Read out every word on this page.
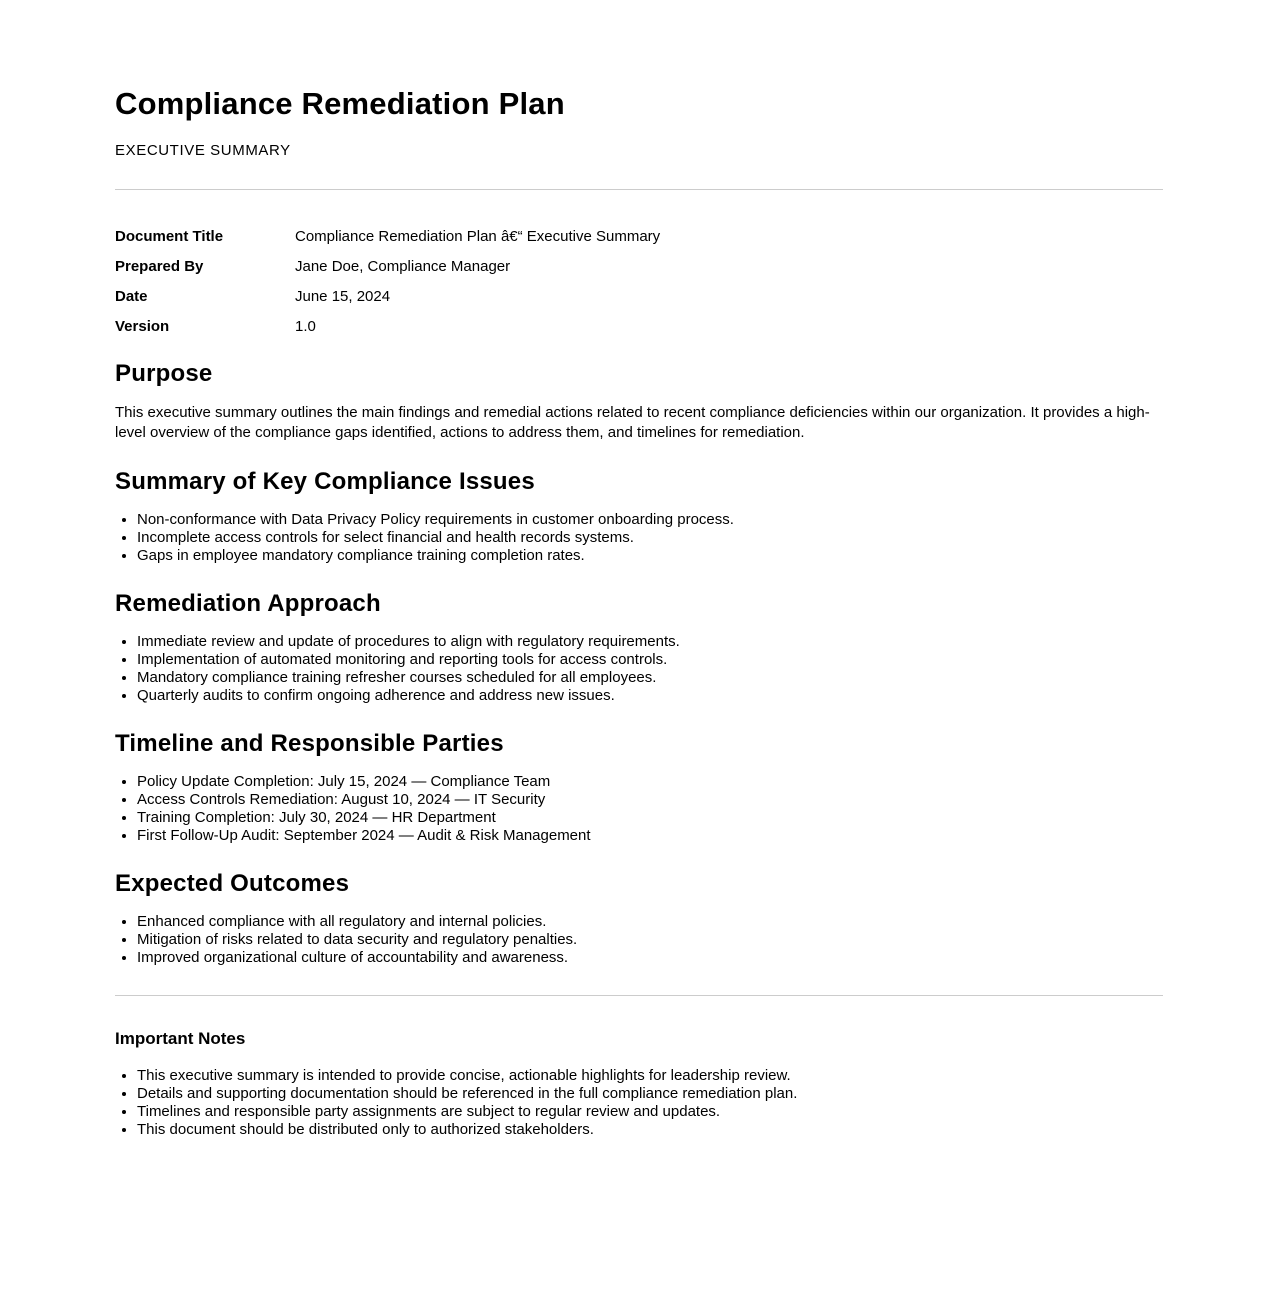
Compliance Remediation Plan
EXECUTIVE SUMMARY
Document Title	Compliance Remediation Plan â€“ Executive Summary
Prepared By	Jane Doe, Compliance Manager
Date	June 15, 2024
Version	1.0
Purpose

This executive summary outlines the main findings and remedial actions related to recent compliance deficiencies within our organization. It provides a high-level overview of the compliance gaps identified, actions to address them, and timelines for remediation.

Summary of Key Compliance Issues
• Non-conformance with Data Privacy Policy requirements in customer onboarding process.
• Incomplete access controls for select financial and health records systems.
• Gaps in employee mandatory compliance training completion rates.
Remediation Approach
• Immediate review and update of procedures to align with regulatory requirements.
• Implementation of automated monitoring and reporting tools for access controls.
• Mandatory compliance training refresher courses scheduled for all employees.
• Quarterly audits to confirm ongoing adherence and address new issues.
Timeline and Responsible Parties
• Policy Update Completion: July 15, 2024 — Compliance Team
• Access Controls Remediation: August 10, 2024 — IT Security
• Training Completion: July 30, 2024 — HR Department
• First Follow-Up Audit: September 2024 — Audit & Risk Management
Expected Outcomes
• Enhanced compliance with all regulatory and internal policies.
• Mitigation of risks related to data security and regulatory penalties.
• Improved organizational culture of accountability and awareness.
Important Notes
• This executive summary is intended to provide concise, actionable highlights for leadership review.
• Details and supporting documentation should be referenced in the full compliance remediation plan.
• Timelines and responsible party assignments are subject to regular review and updates.
• This document should be distributed only to authorized stakeholders.
